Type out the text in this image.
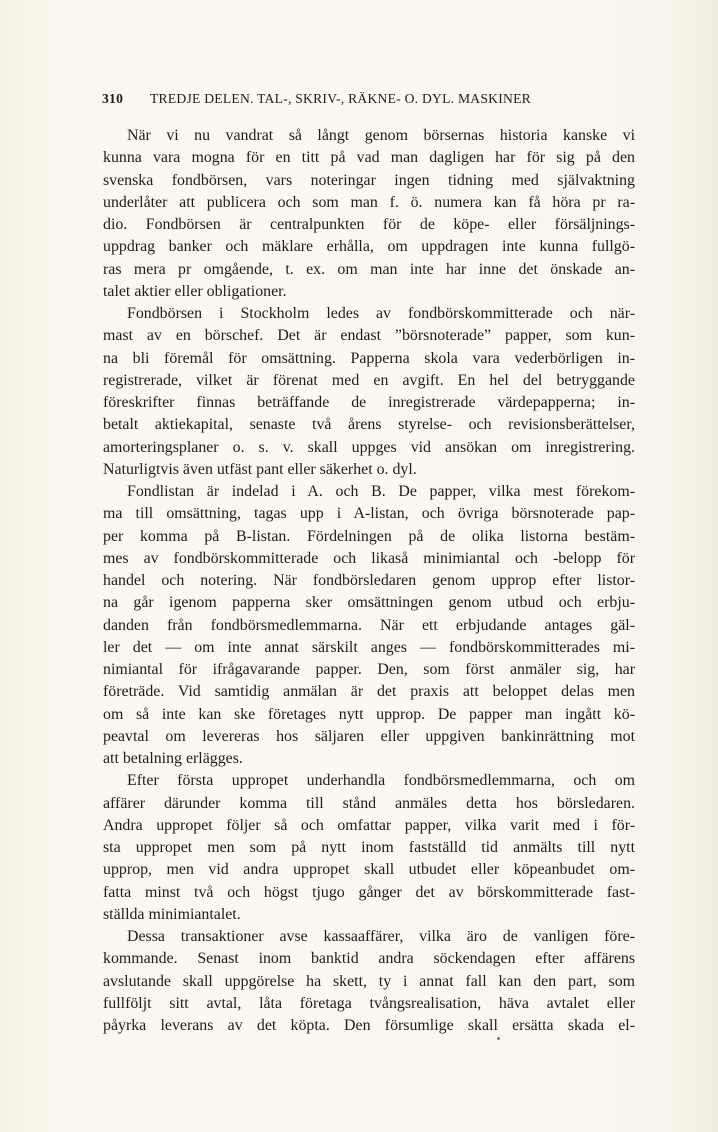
310 TREDJE DELEN. TAL-, SKRIV-, RÄKNE- O. DYL. MASKINER

När vi nu vandrat så långt genom börsernas historia kanske vi
kunna vara mogna för en titt på vad man dagligen har för sig på den
svenska fondbörsen, vars noteringar ingen tidning med självaktning
underlåter att publicera och som man f. ö. numera kan få höra pr ra-
dio. Fondbörsen är centralpunkten för de köpe- eller försäljnings-
uppdrag banker och mäklare erhålla, om uppdragen inte kunna fullgö-
ras mera pr omgående, t. ex. om man inte har inne det önskade an-
talet aktier eller obligationer.

Fondbörsen i Stockholm ledes av fondbörskommitterade och när-
mast av en börschef. Det är endast ”börsnoterade” papper, som kun-
na bli föremål för omsättning. Papperna skola vara vederbörligen in-
registrerade, vilket är förenat med en avgift. En hel del betryggande
föreskrifter finnas beträffande de inregistrerade värdepapperna; in-
betalt aktiekapital, senaste två årens styrelse- och revisionsberättelser,
amorteringsplaner o. s. v. skall uppges vid ansökan om inregistrering.
Naturligtvis även utfäst pant eller säkerhet o. dyl.

Fondlistan är indelad i A. och B. De papper, vilka mest förekom-
ma till omsättning, tagas upp i A-listan, och övriga börsnoterade pap-
per komma på B-listan. Fördelningen på de olika listorna bestäm-
mes av fondbörskommitterade och likaså minimiantal och -belopp för
handel och notering. När fondbörsledaren genom upprop efter listor-
na går igenom papperna sker omsättningen genom utbud och erbju-
danden från fondbörsmedlemmarna. När ett erbjudande antages gäl-
ler det — om inte annat särskilt anges — fondbörskommitterades mi-
nimiantal för ifrågavarande papper. Den, som först anmäler sig, har
företräde. Vid samtidig anmälan är det praxis att beloppet delas men
om så inte kan ske företages nytt upprop. De papper man ingått kö-
peavtal om levereras hos säljaren eller uppgiven bankinrättning mot
att betalning erlägges.

Efter första uppropet underhandla fondbörsmedlemmarna, och om
affärer därunder komma till stånd anmäles detta hos börsledaren.
Andra uppropet följer så och omfattar papper, vilka varit med i för-
sta uppropet men som på nytt inom fastställd tid anmälts till nytt
upprop, men vid andra uppropet skall utbudet eller köpeanbudet om-
fatta minst två och högst tjugo gånger det av börskommitterade fast-
ställda minimiantalet.

Dessa transaktioner avse kassaaffärer, vilka äro de vanligen före-
kommande. Senast inom banktid andra söckendagen efter affärens
avslutande skall uppgörelse ha skett, ty i annat fall kan den part, som
fullföljt sitt avtal, låta företaga tvångsrealisation, häva avtalet eller
påyrka leverans av det köpta. Den försumlige skall ersätta skada el-
